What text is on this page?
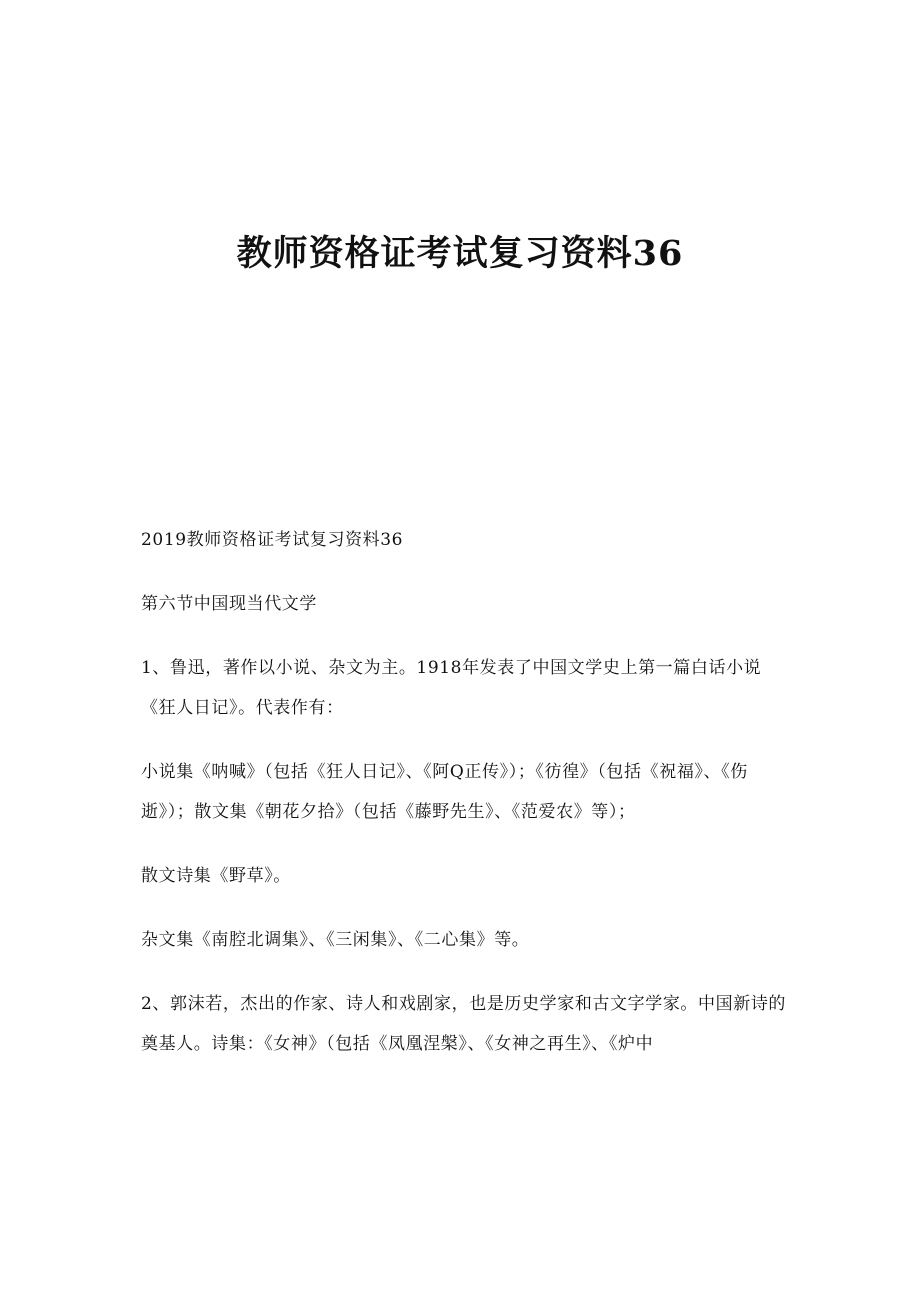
教师资格证考试复习资料36

2019教师资格证考试复习资料36

第六节中国现当代文学

1、鲁迅，著作以小说、杂文为主。1918年发表了中国文学史上第一篇白话小说《狂人日记》。代表作有：

小说集《呐喊》（包括《狂人日记》、《阿Q正传》）；《彷徨》（包括《祝福》、《伤逝》）；散文集《朝花夕拾》（包括《藤野先生》、《范爱农》等）；

散文诗集《野草》。

杂文集《南腔北调集》、《三闲集》、《二心集》等。

2、郭沫若，杰出的作家、诗人和戏剧家，也是历史学家和古文字学家。中国新诗的奠基人。诗集：《女神》（包括《凤凰涅槃》、《女神之再生》、《炉中
